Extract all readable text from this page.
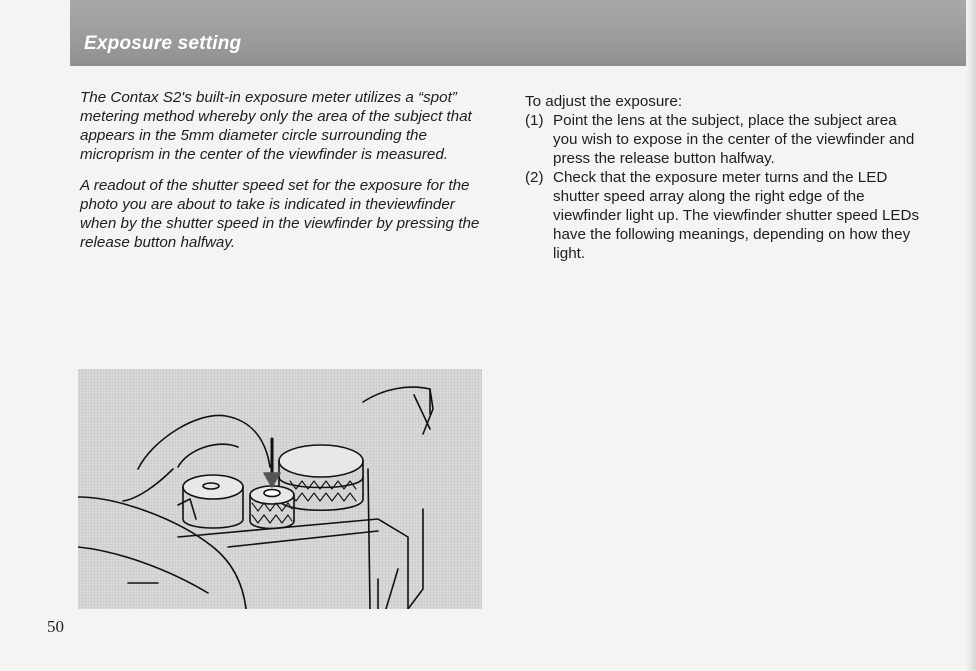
Exposure setting

The Contax S2's built-in exposure meter utilizes a “spot” metering method whereby only the area of the subject that appears in the 5mm diameter circle surrounding the microprism in the center of the viewfinder is measured.

A readout of the shutter speed set for the exposure for the photo you are about to take is indicated in theviewfinder when by the shutter speed in the viewfinder by pressing the release button halfway.

To adjust the exposure:

(1) Point the lens at the subject, place the subject area you wish to expose in the center of the viewfinder and press the release button halfway.
(2) Check that the exposure meter turns and the LED shutter speed array along the right edge of the viewfinder light up. The viewfinder shutter speed LEDs have the following meanings, depending on how they light.
50
